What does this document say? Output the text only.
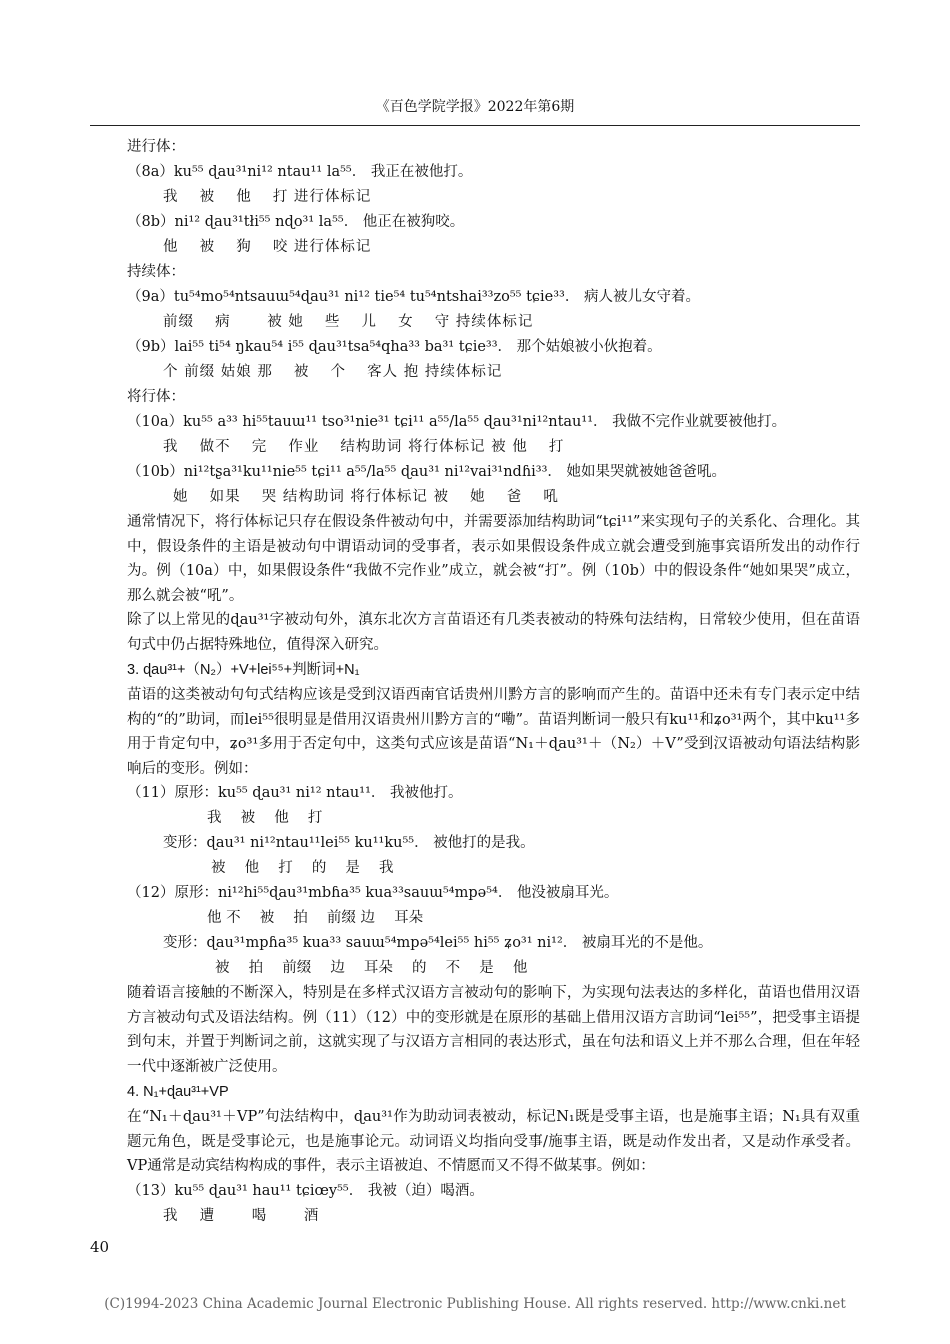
《百色学院学报》2022年第6期
进行体：
（8a）ku⁵⁵ ɖau³¹ni¹² ntau¹¹ la⁵⁵． 我正在被他打。
我　 被　 他　 打 进行体标记
（8b）ni¹² ɖau³¹tłi⁵⁵ nɖo³¹ la⁵⁵． 他正在被狗咬。
他　 被　 狗　 咬 进行体标记
持续体：
（9a）tu⁵⁴mo⁵⁴ntsauɯ⁵⁴ɖau³¹ ni¹² tie⁵⁴ tu⁵⁴ntshai³³zo⁵⁵ tɕie³³． 病人被儿女守着。
前缀　 病　　 被 她　 些　 儿　 女　 守 持续体标记
（9b）lai⁵⁵ ti⁵⁴ ŋkau⁵⁴ i⁵⁵ ɖau³¹tsa⁵⁴qha³³ ba³¹ tɕie³³． 那个姑娘被小伙抱着。
个 前缀 姑娘 那　 被　 个　 客人 抱 持续体标记
将行体：
（10a）ku⁵⁵ a³³ hi⁵⁵tauɯ¹¹ tso³¹nie³¹ tɕi¹¹ a⁵⁵/la⁵⁵ ɖau³¹ni¹²ntau¹¹． 我做不完作业就要被他打。
我　 做不　 完　 作业　 结构助词 将行体标记 被 他　 打
（10b）ni¹²tʂa³¹ku¹¹nie⁵⁵ tɕi¹¹ a⁵⁵/la⁵⁵ ɖau³¹ ni¹²vai³¹ndɦi³³． 她如果哭就被她爸爸吼。
她　 如果　 哭 结构助词 将行体标记 被　 她　 爸　 吼

通常情况下，将行体标记只存在假设条件被动句中，并需要添加结构助词“tɕi¹¹”来实现句子的关系化、合理化。其中，假设条件的主语是被动句中谓语动词的受事者，表示如果假设条件成立就会遭受到施事宾语所发出的动作行为。例（10a）中，如果假设条件“我做不完作业”成立，就会被“打”。例（10b）中的假设条件“她如果哭”成立，那么就会被“吼”。

除了以上常见的ɖau³¹字被动句外，滇东北次方言苗语还有几类表被动的特殊句法结构，日常较少使用，但在苗语句式中仍占据特殊地位，值得深入研究。

3. ɖau³¹+（N₂）+V+lei⁵⁵+判断词+N₁

苗语的这类被动句句式结构应该是受到汉语西南官话贵州川黔方言的影响而产生的。苗语中还未有专门表示定中结构的“的”助词，而lei⁵⁵很明显是借用汉语贵州川黔方言的“嘞”。苗语判断词一般只有ku¹¹和ʑo³¹两个，其中ku¹¹多用于肯定句中，ʑo³¹多用于否定句中，这类句式应该是苗语“N₁＋ɖau³¹＋（N₂）＋V”受到汉语被动句语法结构影响后的变形。例如：

（11）原形：ku⁵⁵ ɖau³¹ ni¹² ntau¹¹． 我被他打。
我　 被　 他　 打
变形：ɖau³¹ ni¹²ntau¹¹lei⁵⁵ ku¹¹ku⁵⁵． 被他打的是我。
被　 他　 打　 的　 是　 我
（12）原形：ni¹²hi⁵⁵ɖau³¹mbɦa³⁵ kua³³sauɯ⁵⁴mpə⁵⁴． 他没被扇耳光。
他 不　 被　 拍　 前缀 边　 耳朵
变形：ɖau³¹mpɦa³⁵ kua³³ sauɯ⁵⁴mpə⁵⁴lei⁵⁵ hi⁵⁵ ʑo³¹ ni¹²． 被扇耳光的不是他。
被　 拍　 前缀　 边　 耳朵　 的　 不　 是　 他

随着语言接触的不断深入，特别是在多样式汉语方言被动句的影响下，为实现句法表达的多样化，苗语也借用汉语方言被动句式及语法结构。例（11）（12）中的变形就是在原形的基础上借用汉语方言助词“lei⁵⁵”，把受事主语提到句末，并置于判断词之前，这就实现了与汉语方言相同的表达形式，虽在句法和语义上并不那么合理，但在年轻一代中逐渐被广泛使用。

4. N₁+ɖau³¹+VP

在“N₁＋ɖau³¹＋VP”句法结构中，ɖau³¹作为助动词表被动，标记N₁既是受事主语，也是施事主语；N₁具有双重题元角色，既是受事论元，也是施事论元。动词语义均指向受事/施事主语，既是动作发出者，又是动作承受者。VP通常是动宾结构构成的事件，表示主语被迫、不情愿而又不得不做某事。例如：

（13）ku⁵⁵ ɖau³¹ hau¹¹ tɕiœy⁵⁵． 我被（迫）喝酒。
我　 遭　　 喝　　 酒
40
(C)1994-2023 China Academic Journal Electronic Publishing House. All rights reserved. http://www.cnki.net
